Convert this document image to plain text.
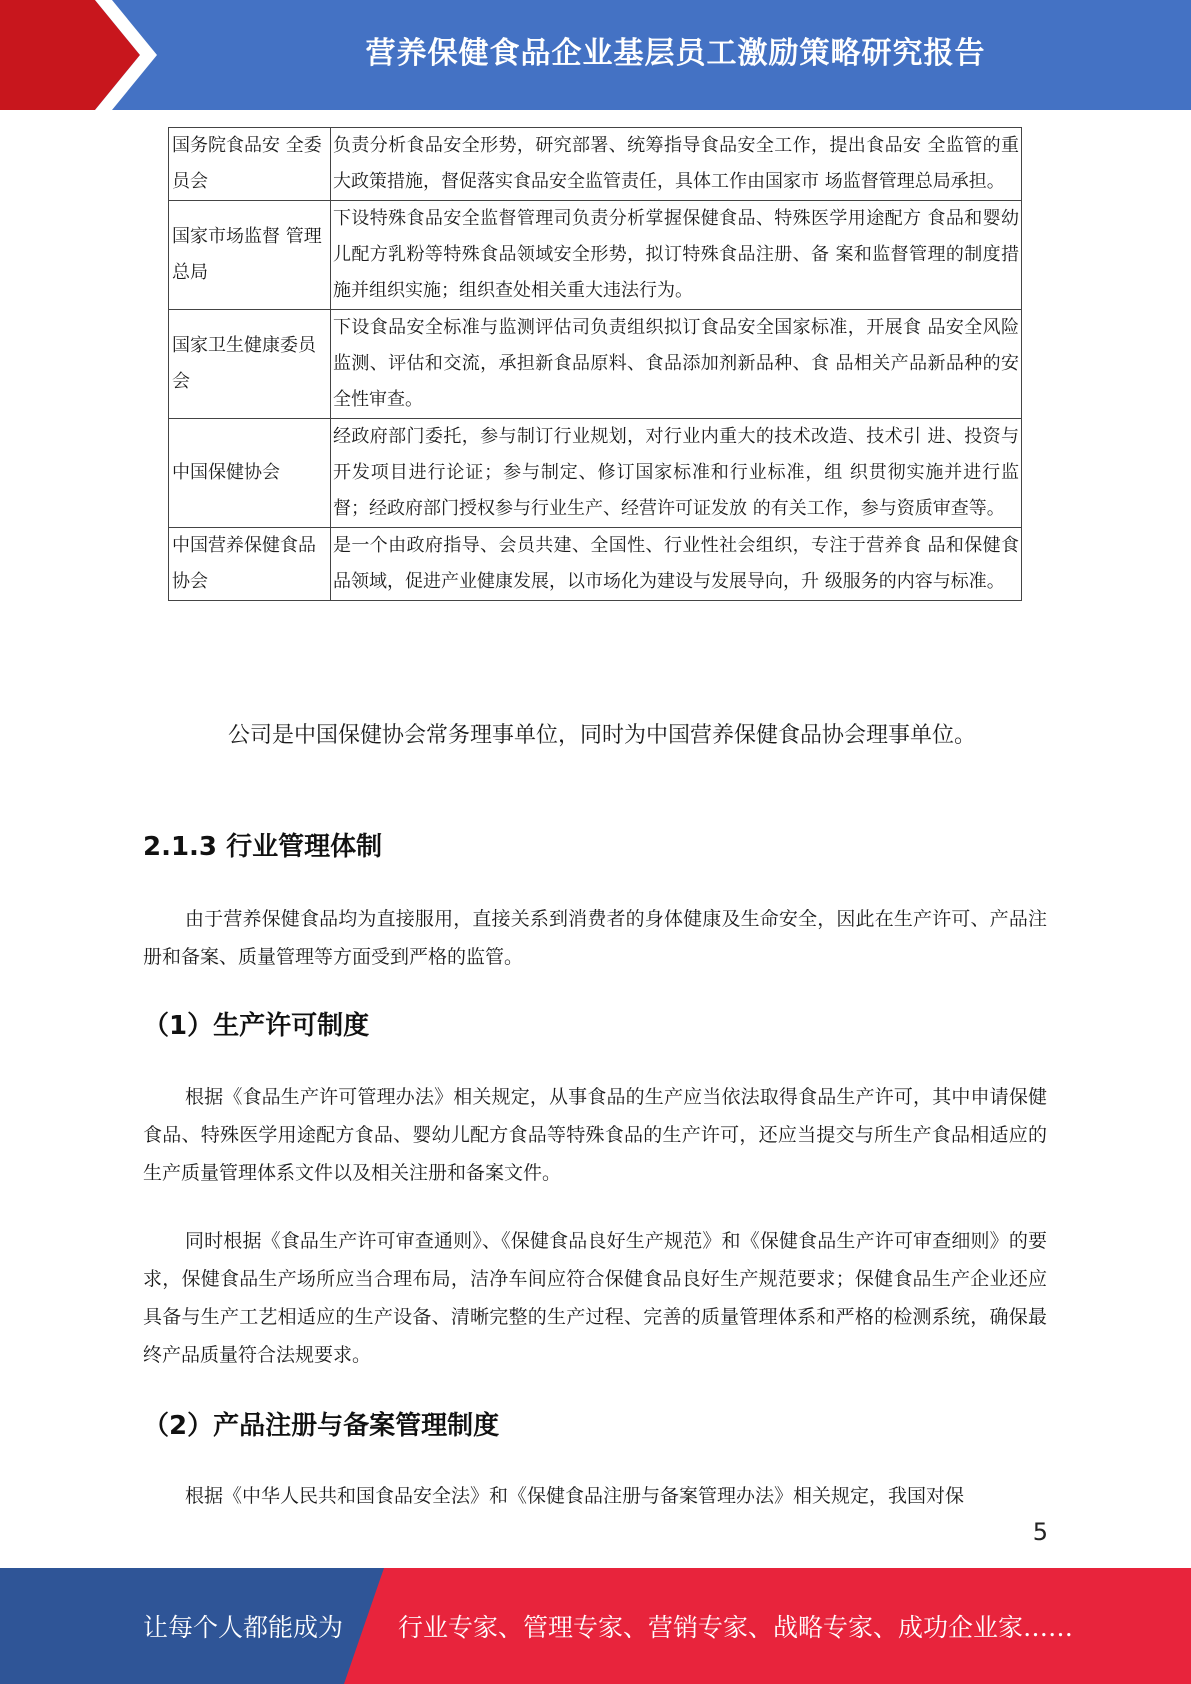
营养保健食品企业基层员工激励策略研究报告
国务院食品安 全委员会	负责分析食品安全形势，研究部署、统筹指导食品安全工作，提出食品安 全监管的重大政策措施，督促落实食品安全监管责任，具体工作由国家市 场监督管理总局承担。
国家市场监督 管理总局	下设特殊食品安全监督管理司负责分析掌握保健食品、特殊医学用途配方 食品和婴幼儿配方乳粉等特殊食品领域安全形势，拟订特殊食品注册、备 案和监督管理的制度措施并组织实施；组织查处相关重大违法行为。
国家卫生健康委员会	下设食品安全标准与监测评估司负责组织拟订食品安全国家标准，开展食 品安全风险监测、评估和交流，承担新食品原料、食品添加剂新品种、食 品相关产品新品种的安全性审查。
中国保健协会	经政府部门委托，参与制订行业规划，对行业内重大的技术改造、技术引 进、投资与开发项目进行论证；参与制定、修订国家标准和行业标准，组 织贯彻实施并进行监督；经政府部门授权参与行业生产、经营许可证发放 的有关工作，参与资质审查等。
中国营养保健食品协会	是一个由政府指导、会员共建、全国性、行业性社会组织，专注于营养食 品和保健食品领域，促进产业健康发展，以市场化为建设与发展导向，升 级服务的内容与标准。

公司是中国保健协会常务理事单位，同时为中国营养保健食品协会理事单位。

2.1.3 行业管理体制

由于营养保健食品均为直接服用，直接关系到消费者的身体健康及生命安全，因此在生产许可、产品注册和备案、质量管理等方面受到严格的监管。

（1）生产许可制度

根据《食品生产许可管理办法》相关规定，从事食品的生产应当依法取得食品生产许可，其中申请保健食品、特殊医学用途配方食品、婴幼儿配方食品等特殊食品的生产许可，还应当提交与所生产食品相适应的生产质量管理体系文件以及相关注册和备案文件。

同时根据《食品生产许可审查通则》、《保健食品良好生产规范》和《保健食品生产许可审查细则》的要求，保健食品生产场所应当合理布局，洁净车间应符合保健食品良好生产规范要求；保健食品生产企业还应具备与生产工艺相适应的生产设备、清晰完整的生产过程、完善的质量管理体系和严格的检测系统，确保最终产品质量符合法规要求。

（2）产品注册与备案管理制度

根据《中华人民共和国食品安全法》和《保健食品注册与备案管理办法》相关规定，我国对保

5
让每个人都能成为 行业专家、管理专家、营销专家、战略专家、成功企业家……
